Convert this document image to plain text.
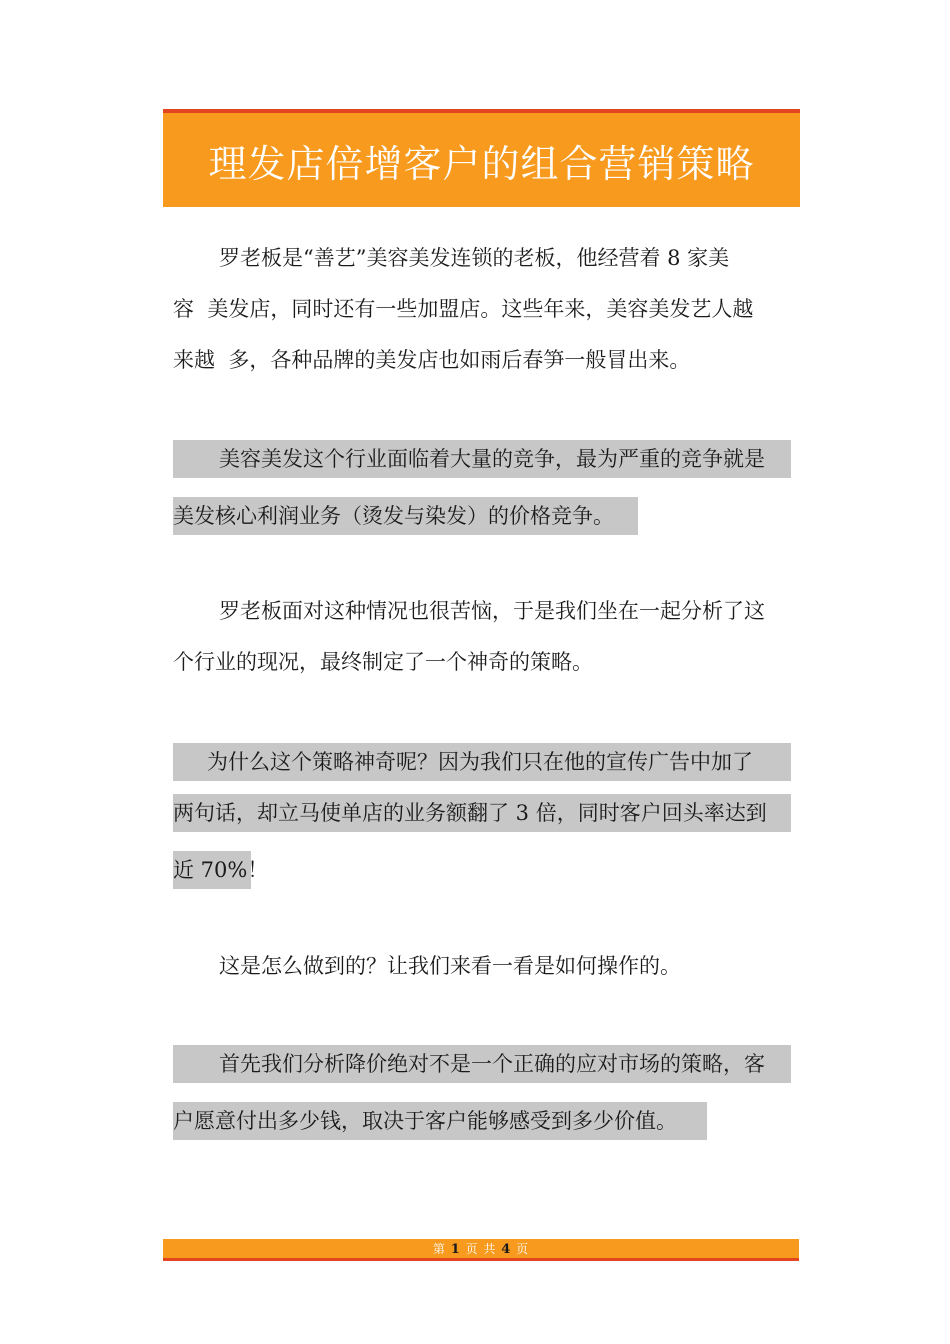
理发店倍增客户的组合营销策略
罗老板是“善艺”美容美发连锁的老板，他经营着 8 家美
容  美发店，同时还有一些加盟店。这些年来，美容美发艺人越
来越  多，各种品牌的美发店也如雨后春笋一般冒出来。
美容美发这个行业面临着大量的竞争，最为严重的竞争就是
美发核心利润业务（烫发与染发）的价格竞争。
罗老板面对这种情况也很苦恼，于是我们坐在一起分析了这
个行业的现况，最终制定了一个神奇的策略。
为什么这个策略神奇呢？因为我们只在他的宣传广告中加了
两句话，却立马使单店的业务额翻了 3 倍，同时客户回头率达到
近 70%！
这是怎么做到的？让我们来看一看是如何操作的。
首先我们分析降价绝对不是一个正确的应对市场的策略，客
户愿意付出多少钱，取决于客户能够感受到多少价值。
第 1 页 共 4 页
